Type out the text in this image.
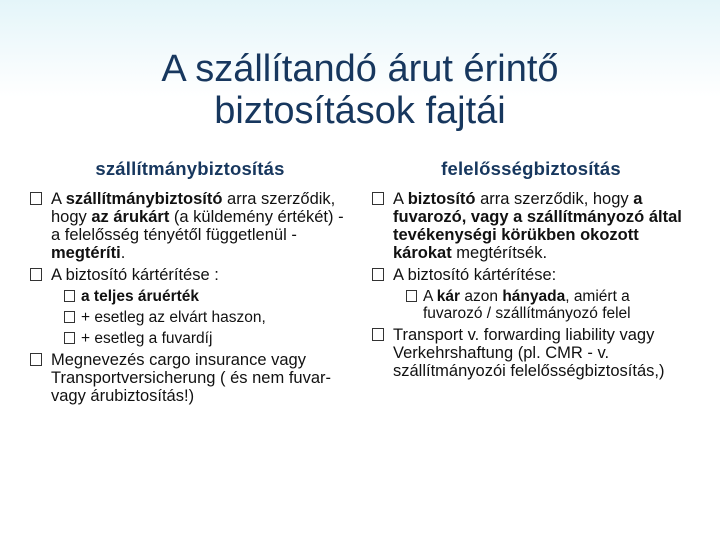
A szállítandó árut érintő
biztosítások fajtái
szállítmánybiztosítás
A szállítmánybiztosító arra szerződik, hogy az árukárt (a küldemény értékét) - a felelősség tényétől függetlenül - megtéríti.
A biztosító kártérítése :
a teljes áruérték
+ esetleg az elvárt haszon,
+ esetleg a fuvardíj
Megnevezés cargo insurance vagy Transportversicherung ( és nem fuvar- vagy árubiztosítás!)
felelősségbiztosítás
A biztosító arra szerződik, hogy a fuvarozó, vagy a szállítmányozó által tevékenységi körükben okozott károkat megtérítsék.
A biztosító kártérítése:
A kár azon hányada, amiért a fuvarozó / szállítmányozó felel
Transport v. forwarding liability vagy Verkehrshaftung (pl. CMR - v. szállítmányozói felelősségbiztosítás,)
